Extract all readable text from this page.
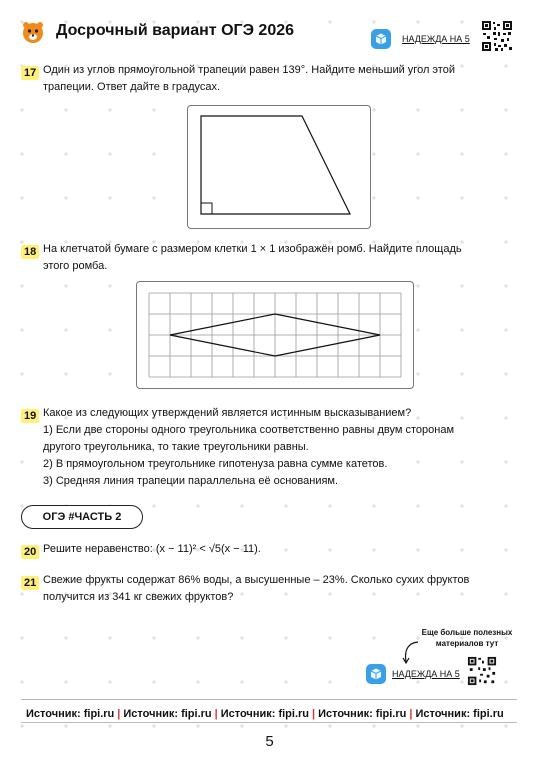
Досрочный вариант ОГЭ 2026	НАДЕЖДА НА 5
17 Один из углов прямоугольной трапеции равен 139°. Найдите меньший угол этой
трапеции. Ответ дайте в градусах.
18 На клетчатой бумаге с размером клетки 1 × 1 изображён ромб. Найдите площадь
этого ромба.
19 Какое из следующих утверждений является истинным высказыванием?
1) Если две стороны одного треугольника соответственно равны двум сторонам
другого треугольника, то такие треугольники равны.
2) В прямоугольном треугольнике гипотенуза равна сумме катетов.
3) Средняя линия трапеции параллельна её основаниям.
ОГЭ #ЧАСТЬ 2
20 Решите неравенство: (x − 11)² < √5(x − 11).
21 Свежие фрукты содержат 86% воды, а высушенные – 23%. Сколько сухих фруктов
получится из 341 кг свежих фруктов?
Еще больше полезных
материалов тут
НАДЕЖДА НА 5
Источник: fipi.ru | Источник: fipi.ru | Источник: fipi.ru | Источник: fipi.ru | Источник: fipi.ru
5
